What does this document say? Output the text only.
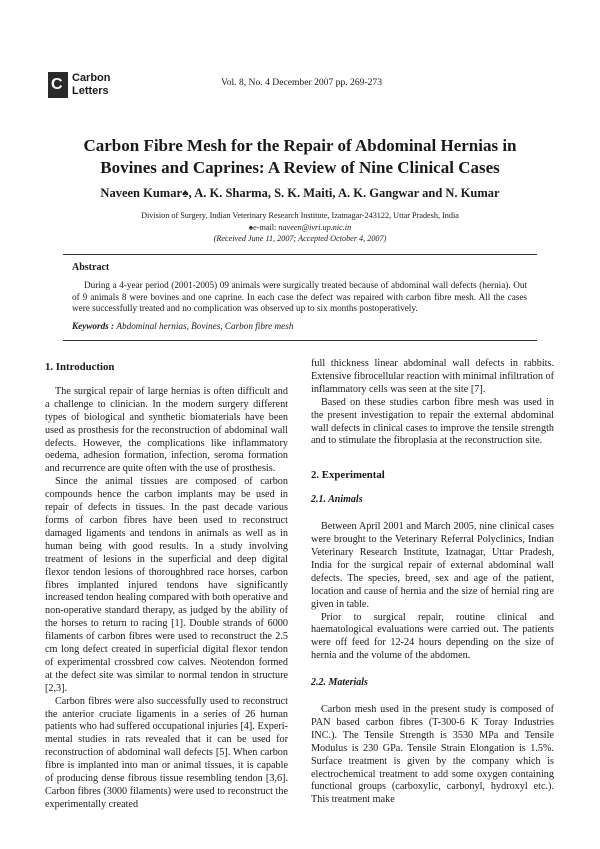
C Carbon
Letters
Vol. 8, No. 4 December 2007 pp. 269-273
Carbon Fibre Mesh for the Repair of Abdominal Hernias in
Bovines and Caprines: A Review of Nine Clinical Cases
Naveen Kumar♠, A. K. Sharma, S. K. Maiti, A. K. Gangwar and N. Kumar
Division of Surgery, Indian Veterinary Research Institute, Izatnagar-243122, Uttar Pradesh, India
♠e-mail: naveen@ivri.up.nic.in
(Received June 11, 2007; Accepted October 4, 2007)
Abstract
During a 4-year period (2001-2005) 09 animals were surgically treated because of abdominal wall defects (hernia). Out of 9 animals 8 were bovines and one caprine. In each case the defect was repaired with carbon fibre mesh. All the cases were successfully treated and no complication was observed up to six months postoperatively.
Keywords : Abdominal hernias, Bovines, Carbon fibre mesh
1. Introduction

The surgical repair of large hernias is often difficult and a challenge to clinician. In the modern surgery different types of biological and synthetic biomaterials have been used as prosthesis for the reconstruction of abdominal wall defects. However, the complications like inflammatory oedema, adhesion formation, infection, seroma formation and recurrence are quite often with the use of prosthesis.

Since the animal tissues are composed of carbon compounds hence the carbon implants may be used in repair of defects in tissues. In the past decade various forms of carbon fibres have been used to reconstruct damaged ligaments and tendons in animals as well as in human being with good results. In a study involving treatment of lesions in the superficial and deep digital flexor tendon lesions of thoroughbred race horses, carbon fibres implanted injured tendons have significantly increased tendon healing compared with both operative and non-operative standard therapy, as judged by the ability of the horses to return to racing [1]. Double strands of 6000 filaments of carbon fibres were used to reconstruct the 2.5 cm long defect created in superficial digital flexor tendon of experimental crossbred cow calves. Neotendon formed at the defect site was similar to normal tendon in structure [2,3].

Carbon fibres were also successfully used to reconstruct the anterior cruciate ligaments in a series of 26 human patients who had suffered occupational injuries [4]. Experi- mental studies in rats revealed that it can be used for reconstruction of abdominal wall defects [5]. When carbon fibre is implanted into man or animal tissues, it is capable of producing dense fibrous tissue resembling tendon [3,6]. Carbon fibres (3000 filaments) were used to reconstruct the experimentally created

full thickness linear abdominal wall defects in rabbits. Extensive fibrocellular reaction with minimal infiltration of inflammatory cells was seen at the site [7].

Based on these studies carbon fibre mesh was used in the present investigation to repair the external abdominal wall defects in clinical cases to improve the tensile strength and to stimulate the fibroplasia at the reconstruction site.

2. Experimental
2.1. Animals

Between April 2001 and March 2005, nine clinical cases were brought to the Veterinary Referral Polyclinics, Indian Veterinary Research Institute, Izatnagar, Uttar Pradesh, India for the surgical repair of external abdominal wall defects. The species, breed, sex and age of the patient, location and cause of hernia and the size of hernial ring are given in table.

Prior to surgical repair, routine clinical and haematological evaluations were carried out. The patients were off feed for 12-24 hours depending on the size of hernia and the volume of the abdomen.

2.2. Materials

Carbon mesh used in the present study is composed of PAN based carbon fibres (T-300-6 K Toray Industries INC.). The Tensile Strength is 3530 MPa and Tensile Modulus is 230 GPa. Tensile Strain Elongation is 1.5%. Surface treatment is given by the company which is electrochemical treatment to add some oxygen containing functional groups (carboxylic, carbonyl, hydroxyl etc.). This treatment make
